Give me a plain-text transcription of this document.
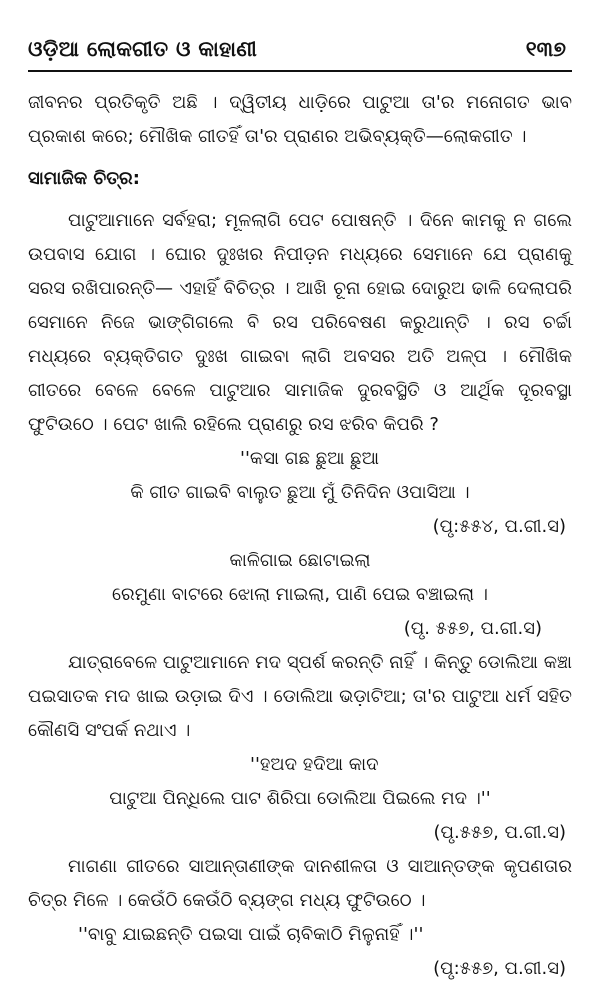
ଓଡ଼ିଆ ଲୋକଗୀତ ଓ କାହାଣୀ	୧୩୭

ଜୀବନର ପ୍ରତିକୃତି ଅଛି । ଦ୍ୱିତୀୟ ଧାଡ଼ିରେ ପାଟୁଆ ତା'ର ମନୋଗତ ଭାବ ପ୍ରକାଶ କରେ; ମୌଖିକ ଗୀତହିଁ ତା'ର ପ୍ରାଣର ଅଭିବ୍ୟକ୍ତି—ଲୋକଗୀତ ।

ସାମାଜିକ ଚିତ୍ର:

ପାଟୁଆମାନେ ସର୍ବହରା; ମୂଳଲାଗି ପେଟ ପୋଷନ୍ତି । ଦିନେ କାମକୁ ନ ଗଲେ ଉପବାସ ଯୋଗ । ଘୋର ଦୁଃଖର ନିପୀଡ଼ନ ମଧ୍ୟରେ ସେମାନେ ଯେ ପ୍ରାଣକୁ ସରସ ରଖିପାରନ୍ତି— ଏହାହିଁ ବିଚିତ୍ର । ଆଖି ଚୂନା ହୋଇ ଦୋରୁଅ ଢାଳି ଦେଲାପରି ସେମାନେ ନିଜେ ଭାଙ୍ଗିଗଲେ ବି ରସ ପରିବେଷଣ କରୁଥାନ୍ତି । ରସ ଚର୍ଚ୍ଚା ମଧ୍ୟରେ ବ୍ୟକ୍ତିଗତ ଦୁଃଖ ଗାଇବା ଲାଗି ଅବସର ଅତି ଅଳ୍ପ । ମୌଖିକ ଗୀତରେ ବେଳେ ବେଳେ ପାଟୁଆର ସାମାଜିକ ଦୁରବସ୍ଥିତି ଓ ଆର୍ଥିକ ଦୂରବସ୍ଥା ଫୁଟିଉଠେ । ପେଟ ଖାଲି ରହିଲେ ପ୍ରାଣରୁ ରସ ଝରିବ କିପରି ?

''କସା ଗଛ ଛୁଆ ଛୁଆ
କି ଗୀତ ଗାଇବି ବାଲୁତ ଛୁଆ ମୁଁ ତିନିଦିନ ଓପାସିଆ ।
(ପୃ:୫୫୪, ପ.ଗୀ.ସ)
କାଳିଗାଇ ଛୋଟାଇଲା
ରେମୁଣା ବାଟରେ ଝୋଲା ମାଇଲା, ପାଣି ପେଇ ବଞ୍ଚାଇଲା ।
(ପୃ. ୫୫୭, ପ.ଗୀ.ସ)

ଯାତ୍ରାବେଳେ ପାଟୁଆମାନେ ମଦ ସ୍ପର୍ଶ କରନ୍ତି ନାହିଁ । କିନ୍ତୁ ଡୋଲିଆ କଞ୍ଚା ପଇସାତକ ମଦ ଖାଇ ଉଡ଼ାଇ ଦିଏ । ଡୋଲିଆ ଭଡ଼ାଟିଆ; ତା'ର ପାଟୁଆ ଧର୍ମ ସହିତ କୌଣସି ସଂପର୍କ ନଥାଏ ।

''ହଅଦ ହଦିଆ କାଦ
ପାଟୁଆ ପିନ୍ଧିଲେ ପାଟ ଶିରିପା ଡୋଲିଆ ପିଇଲେ ମଦ ।''
(ପୃ.୫୫୭, ପ.ଗୀ.ସ)

ମାଗଣା ଗୀତରେ ସାଆନ୍ତାଣୀଙ୍କ ଦାନଶୀଳତା ଓ ସାଆନ୍ତଙ୍କ କୃପଣତାର ଚିତ୍ର ମିଳେ । କେଉଁଠି କେଉଁଠି ବ୍ୟଙ୍ଗ ମଧ୍ୟ ଫୁଟିଉଠେ ।

''ବାବୁ ଯାଇଛନ୍ତି ପଇସା ପାଇଁ ଚାବିକାଠି ମିଳୁନାହିଁ ।''
(ପୃ:୫୫୭, ପ.ଗୀ.ସ)
